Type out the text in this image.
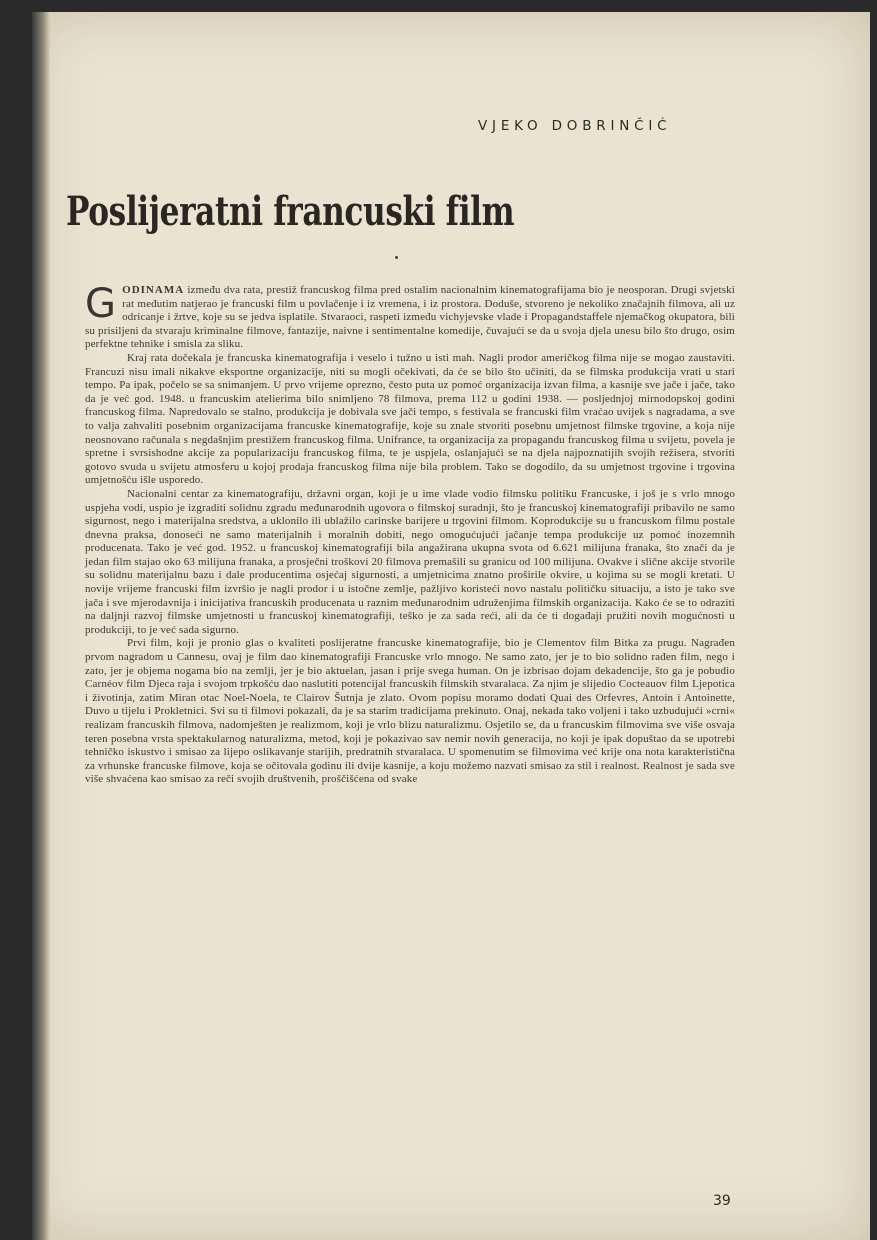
VJEKO DOBRINČIĆ
Poslijeratni francuski film

GODINAMA između dva rata, prestiž francuskog filma pred ostalim nacionalnim kinematografijama bio je neosporan. Drugi svjetski rat međutim natjerao je francuski film u povlačenje i iz vremena, i iz prostora. Doduše, stvoreno je nekoliko značajnih filmova, ali uz odricanje i žrtve, koje su se jedva isplatile. Stvaraoci, raspeti između vichyjevske vlade i Propagandstaffele njemačkog okupatora, bili su prisiljeni da stvaraju kriminalne filmove, fantazije, naivne i sentimentalne komedije, čuvajući se da u svoja djela unesu bilo što drugo, osim perfektne tehnike i smisla za sliku.

Kraj rata dočekala je francuska kinematografija i veselo i tužno u isti mah. Nagli prodor američkog filma nije se mogao zaustaviti. Francuzi nisu imali nikakve eksportne organizacije, niti su mogli očekivati, da će se bilo što učiniti, da se filmska produkcija vrati u stari tempo. Pa ipak, počelo se sa snimanjem. U prvo vrijeme oprezno, često puta uz pomoć organizacija izvan filma, a kasnije sve jače i jače, tako da je već god. 1948. u francuskim atelierima bilo snimljeno 78 filmova, prema 112 u godini 1938. — posljednjoj mirnodopskoj godini francuskog filma. Napredovalo se stalno, produkcija je dobivala sve jači tempo, s festivala se francuski film vraćao uvijek s nagradama, a sve to valja zahvaliti posebnim organizacijama francuske kinematografije, koje su znale stvoriti posebnu umjetnost filmske trgovine, a koja nije neosnovano računala s negdašnjim prestižem francuskog filma. Unifrance, ta organizacija za propagandu francuskog filma u svijetu, povela je spretne i svrsishodne akcije za popularizaciju francuskog filma, te je uspjela, oslanjajući se na djela najpoznatijih svojih režisera, stvoriti gotovo svuda u svijetu atmosferu u kojoj prodaja francuskog filma nije bila problem. Tako se dogodilo, da su umjetnost trgovine i trgovina umjetnošću išle usporedo.

Nacionalni centar za kinematografiju, državni organ, koji je u ime vlade vodio filmsku politiku Francuske, i još je s vrlo mnogo uspjeha vodi, uspio je izgraditi solidnu zgradu međunarodnih ugovora o filmskoj suradnji, što je francuskoj kinematografiji pribavilo ne samo sigurnost, nego i materijalna sredstva, a uklonilo ili ublažilo carinske barijere u trgovini filmom. Koprodukcije su u francuskom filmu postale dnevna praksa, donoseći ne samo materijalnih i moralnih dobiti, nego omogućujući jačanje tempa produkcije uz pomoć inozemnih producenata. Tako je već god. 1952. u francuskoj kinematografiji bila angažirana ukupna svota od 6.621 milijuna franaka, što znači da je jedan film stajao oko 63 milijuna franaka, a prosječni troškovi 20 filmova premašili su granicu od 100 milijuna. Ovakve i slične akcije stvorile su solidnu materijalnu bazu i dale producentima osjećaj sigurnosti, a umjetnicima znatno proširile okvire, u kojima su se mogli kretati. U novije vrijeme francuski film izvršio je nagli prodor i u istočne zemlje, pažljivo koristeći novo nastalu političku situaciju, a isto je tako sve jača i sve mjerodavnija i inicijativa francuskih producenata u raznim međunarodnim udruženjima filmskih organizacija. Kako će se to odraziti na daljnji razvoj filmske umjetnosti u francuskoj kinematografiji, teško je za sada reći, ali da će ti događaji pružiti novih mogućnosti u produkciji, to je već sada sigurno.

Prvi film, koji je pronio glas o kvaliteti poslijeratne francuske kinematografije, bio je Clementov film Bitka za prugu. Nagrađen prvom nagradom u Cannesu, ovaj je film dao kinematografiji Francuske vrlo mnogo. Ne samo zato, jer je to bio solidno rađen film, nego i zato, jer je objema nogama bio na zemlji, jer je bio aktuelan, jasan i prije svega human. On je izbrisao dojam dekadencije, što ga je pobudio Carnéov film Djeca raja i svojom trpkošću dao naslutiti potencijal francuskih filmskih stvaralaca. Za njim je slijedio Cocteauov film Ljepotica i životinja, zatim Miran otac Noel-Noela, te Clairov Šutnja je zlato. Ovom popisu moramo dodati Quai des Orfevres, Antoin i Antoinette, Duvo u tijelu i Prokletnici. Svi su ti filmovi pokazali, da je sa starim tradicijama prekinuto. Onaj, nekada tako voljeni i tako uzbudujući »crni« realizam francuskih filmova, nadomješten je realizmom, koji je vrlo blizu naturalizmu. Osjetilo se, da u francuskim filmovima sve više osvaja teren posebna vrsta spektakularnog naturalizma, metod, koji je pokazivao sav nemir novih generacija, no koji je ipak dopuštao da se upotrebi tehničko iskustvo i smisao za lijepo oslikavanje starijih, predratnih stvaralaca. U spomenutim se filmovima već krije ona nota karakteristična za vrhunske francuske filmove, koja se očitovala godinu ili dvije kasnije, a koju možemo nazvati smisao za stil i realnost. Realnost je sada sve više shvaćena kao smisao za reči svojih društvenih, proščišćena od svake

39
